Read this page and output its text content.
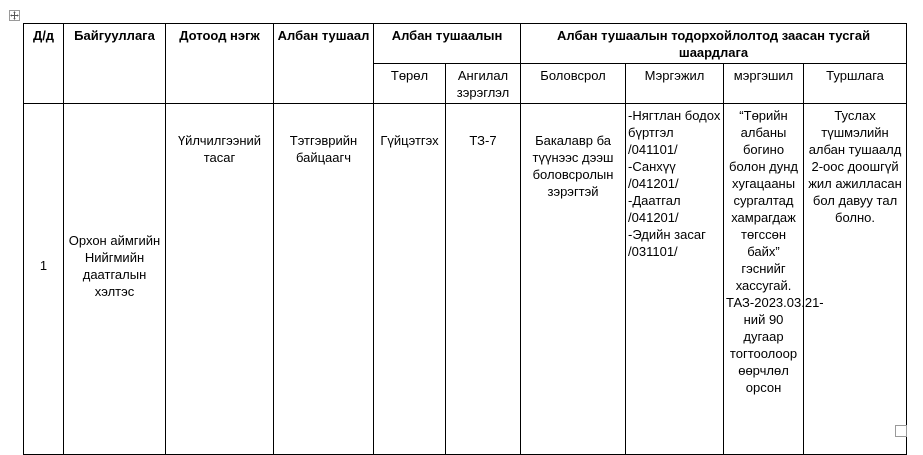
Д/д	Байгууллага	Дотоод нэгж	Албан тушаал	Албан тушаалын		Албан тушаалын тодорхойлолтод заасан тусгай шаардлага			
				Төрөл	Ангилал зэрэглэл	Боловсрол	Мэргэжил	мэргэшил	Туршлага
1	Орхон аймгийн Нийгмийн даатгалын хэлтэс	Үйлчилгээний тасаг	Тэтгэврийн байцаагч	Гүйцэтгэх	ТЗ-7	Бакалавр ба түүнээс дээш боловсролын зэрэгтэй	-Нягтлан бодох бүртгэл /041101/
-Санхүү /041201/
-Даатгал /041201/
-Эдийн засаг /031101/	“Төрийн албаны богино болон дунд хугацааны сургалтад хамрагдаж төгссөн байх” гэснийг хассугай. ТАЗ-2023.03.21-ний 90 дугаар тогтоолоор өөрчлөл орсон	Туслах түшмэлийн албан тушаалд 2-оос доошгүй жил ажилласан бол давуу тал болно.
